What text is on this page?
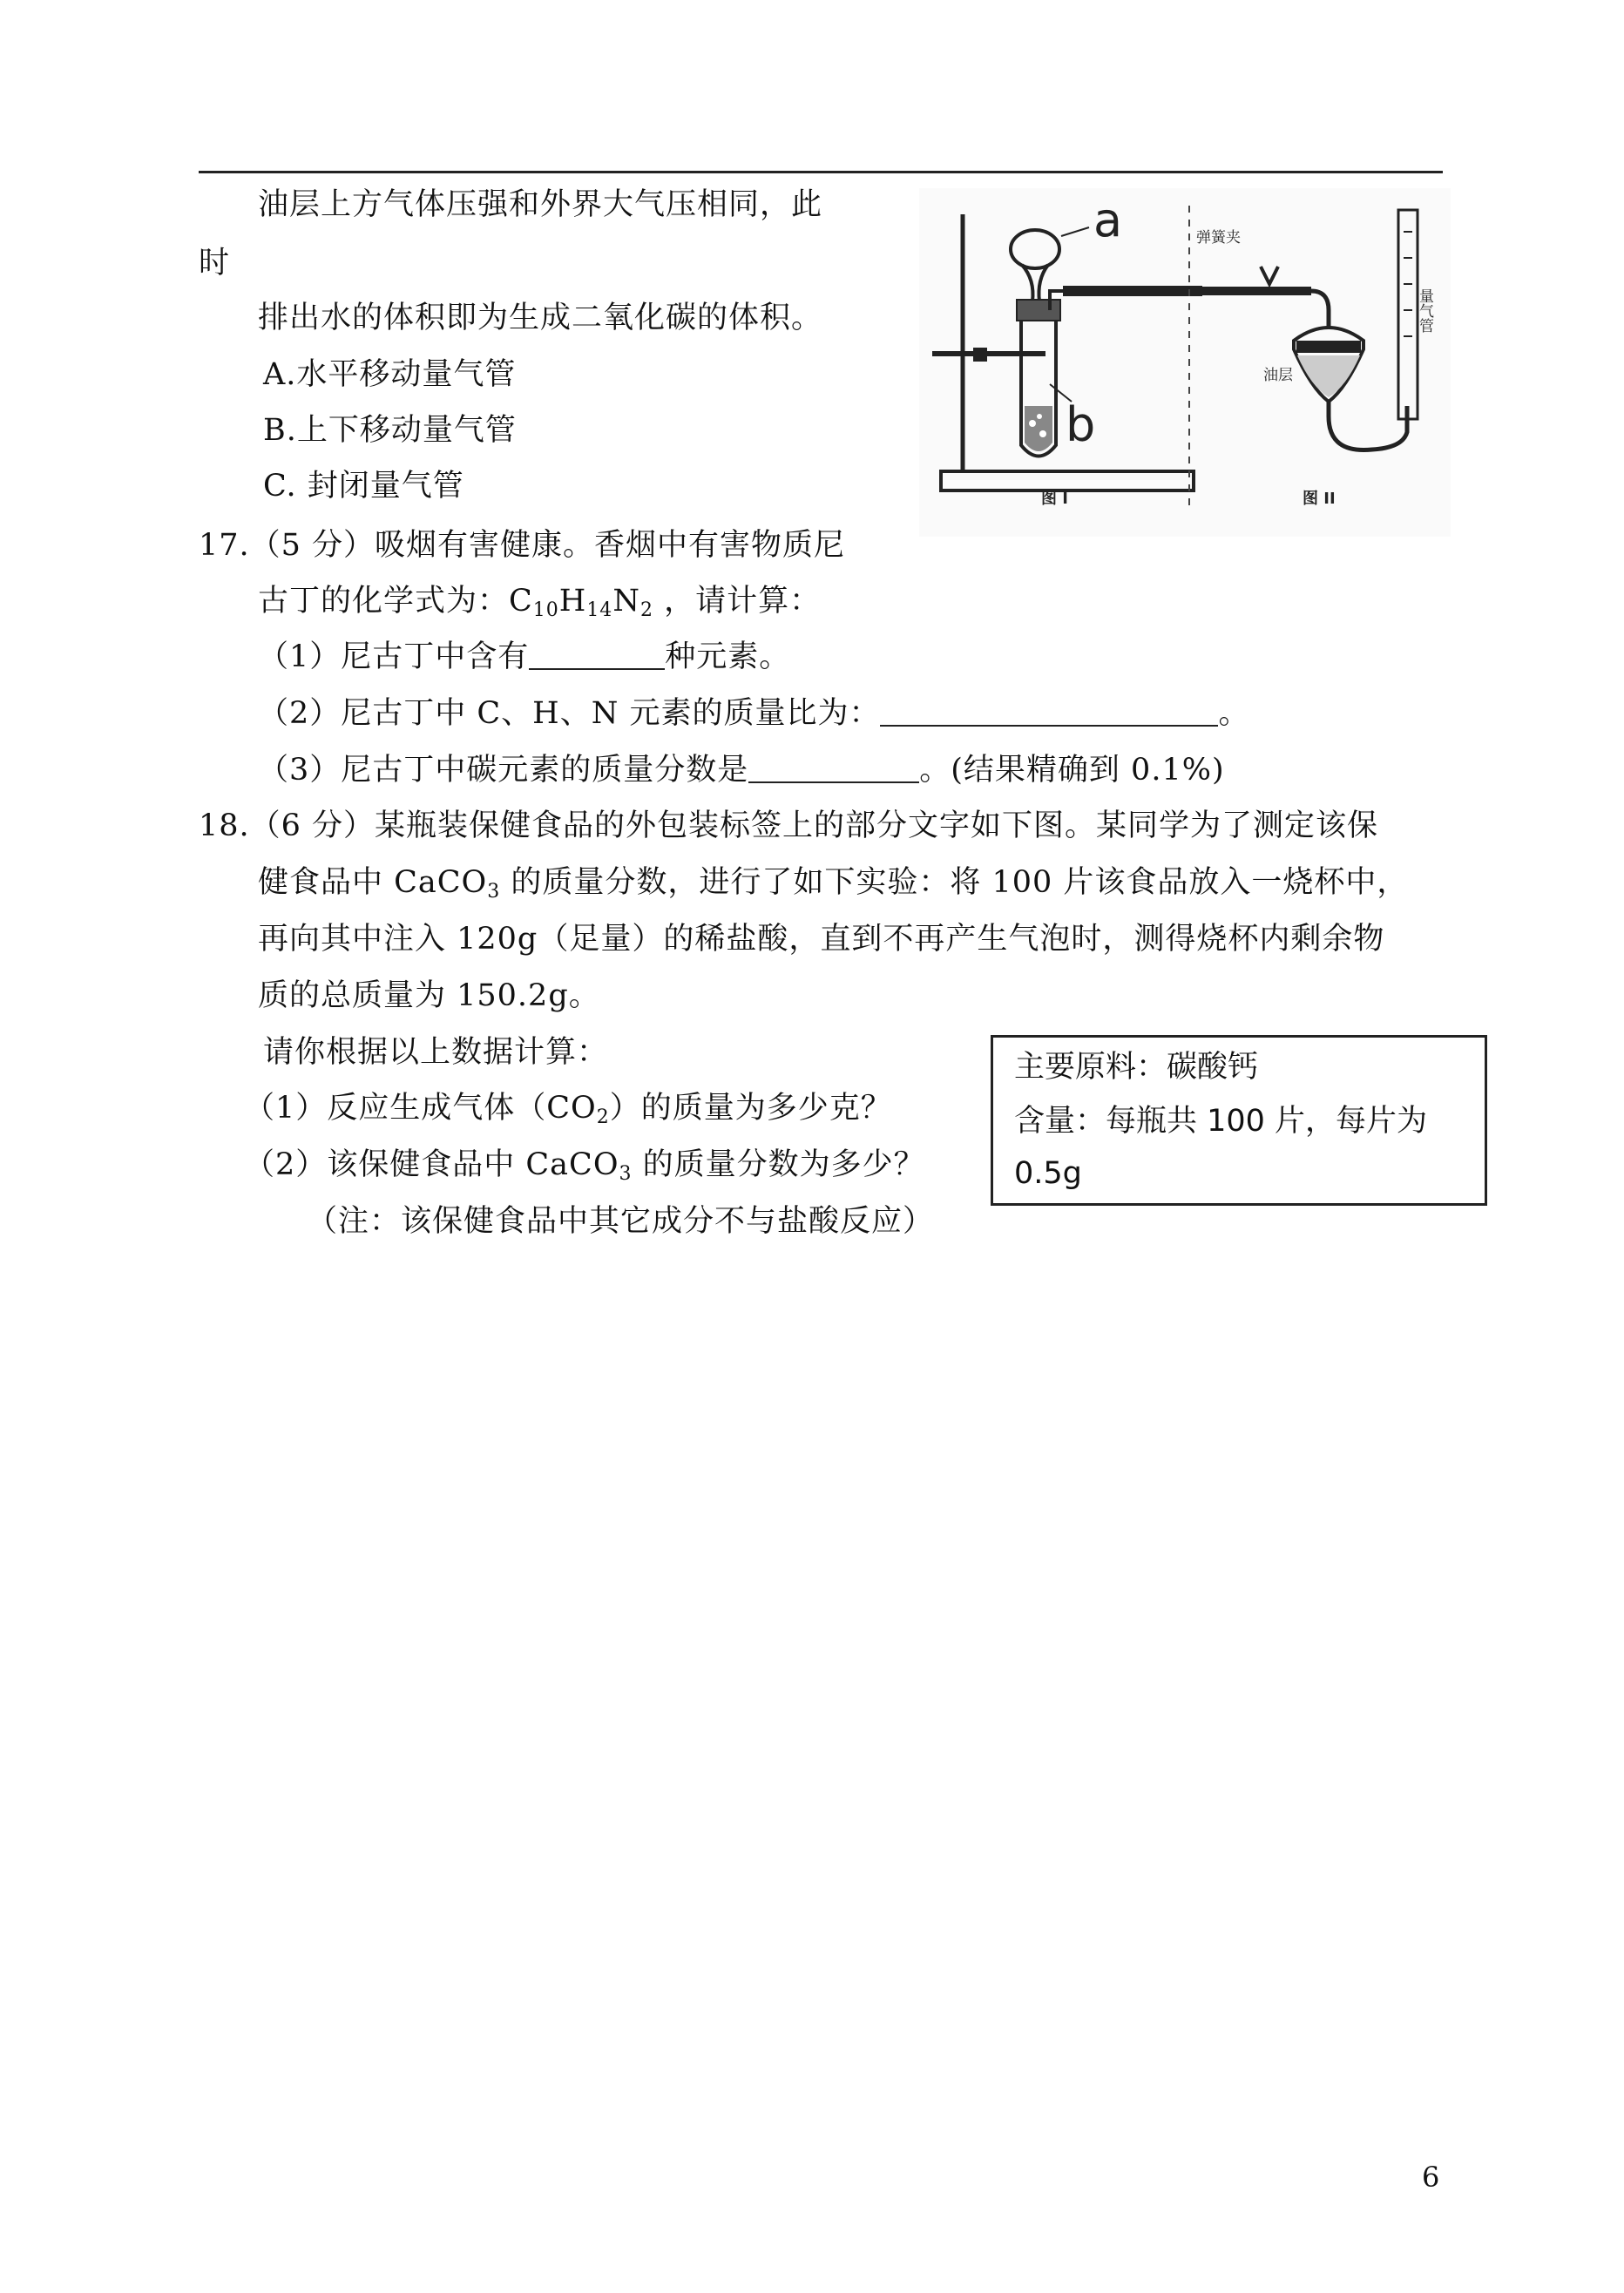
油层上方气体压强和外界大气压相同，此
时
排出水的体积即为生成二氧化碳的体积。
A.水平移动量气管
B.上下移动量气管
C. 封闭量气管
a
b
弹簧夹
油层
量气管
图 I	图 II
17.（5 分）吸烟有害健康。香烟中有害物质尼
古丁的化学式为：$C_{10}H_{14}N_2$ ，请计算：
（1）尼古丁中含有	种元素。
（2）尼古丁中 C、H、N 元素的质量比为：	。
（3）尼古丁中碳元素的质量分数是	。(结果精确到 0.1%)
18.（6 分）某瓶装保健食品的外包装标签上的部分文字如下图。某同学为了测定该保
健食品中 CaCO$_3$ 的质量分数，进行了如下实验：将 100 片该食品放入一烧杯中，
再向其中注入 120g（足量）的稀盐酸，直到不再产生气泡时，测得烧杯内剩余物
质的总质量为 150.2g。
请你根据以上数据计算：
（1）反应生成气体$(CO_2)$的质量为多少克？
（2）该保健食品中 CaCO$_3$ 的质量分数为多少？
（注：该保健食品中其它成分不与盐酸反应）
主要原料：碳酸钙
含量：每瓶共 100 片，每片为
0.5g
6
